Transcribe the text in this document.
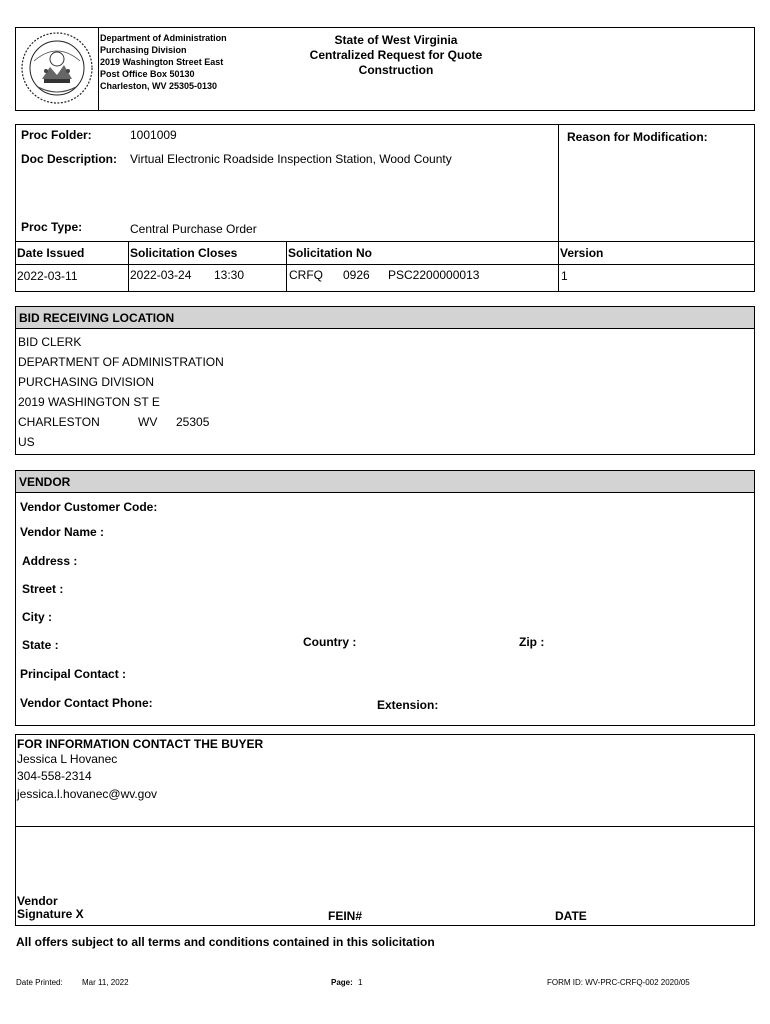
Department of Administration
Purchasing Division
2019 Washington Street East
Post Office Box 50130
Charleston, WV 25305-0130
State of West Virginia
Centralized Request for Quote
Construction
Proc Folder:	1001009
Doc Description: Virtual Electronic Roadside Inspection Station, Wood County
Proc Type:	Central Purchase Order
Reason for Modification:
Date Issued	Solicitation Closes	Solicitation No	Version
2022-03-11	2022-03-24 13:30	CRFQ 0926 PSC2200000013	1
BID RECEIVING LOCATION
BID CLERK
DEPARTMENT OF ADMINISTRATION
PURCHASING DIVISION
2019 WASHINGTON ST E
CHARLESTON	WV 25305
US
VENDOR
Vendor Customer Code:
Vendor Name :
Address :
Street :
City :
State :	Country :	Zip :
Principal Contact :
Vendor Contact Phone:	Extension:
FOR INFORMATION CONTACT THE BUYER
Jessica L Hovanec
304-558-2314
jessica.l.hovanec@wv.gov
Vendor
Signature X	FEIN#	DATE
All offers subject to all terms and conditions contained in this solicitation
Date Printed: Mar 11, 2022	Page: 1	FORM ID: WV-PRC-CRFQ-002 2020/05
